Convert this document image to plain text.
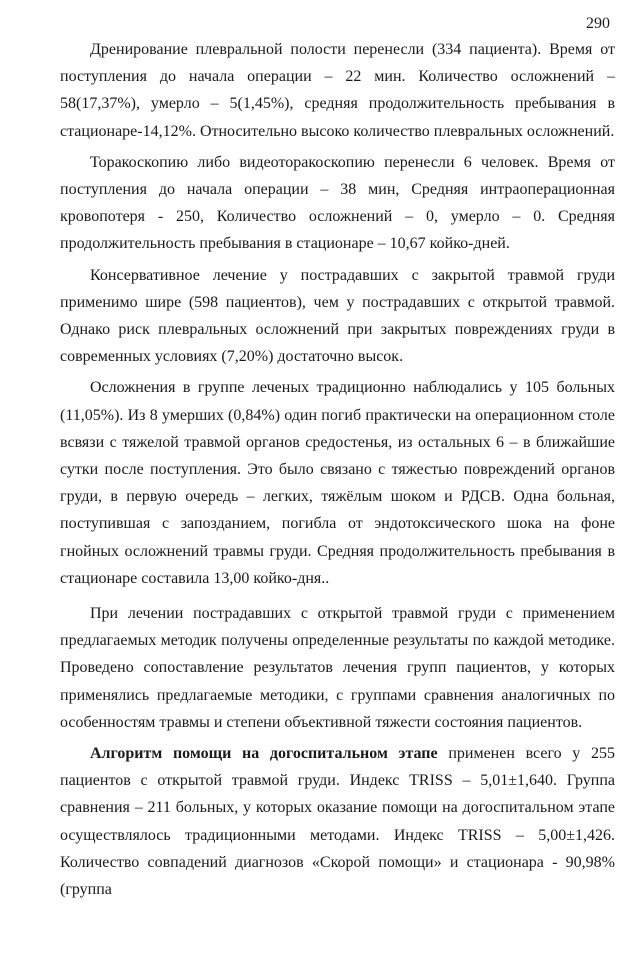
290

Дренирование плевральной полости перенесли (334 пациента). Время от поступления до начала операции – 22 мин. Количество осложнений – 58(17,37%), умерло – 5(1,45%), средняя продолжительность пребывания в стационаре-14,12%. Относительно высоко количество плевральных осложнений.

Торакоскопию либо видеоторакоскопию перенесли 6 человек. Время от поступления до начала операции – 38 мин, Средняя интраоперационная кровопотеря - 250, Количество осложнений – 0, умерло – 0. Средняя продолжительность пребывания в стационаре – 10,67 койко-дней.

Консервативное лечение у пострадавших с закрытой травмой груди применимо шире (598 пациентов), чем у пострадавших с открытой травмой. Однако риск плевральных осложнений при закрытых повреждениях груди в современных условиях (7,20%) достаточно высок.

Осложнения в группе леченых традиционно наблюдались у 105 больных (11,05%). Из 8 умерших (0,84%) один погиб практически на операционном столе всвязи с тяжелой травмой органов средостенья, из остальных 6 – в ближайшие сутки после поступления. Это было связано с тяжестью повреждений органов груди, в первую очередь – легких, тяжёлым шоком и РДСВ. Одна больная, поступившая с запозданием, погибла от эндотоксического шока на фоне гнойных осложнений травмы груди. Средняя продолжительность пребывания в стационаре составила 13,00 койко-дня..

При лечении пострадавших с открытой травмой груди с применением предлагаемых методик получены определенные результаты по каждой методике. Проведено сопоставление результатов лечения групп пациентов, у которых применялись предлагаемые методики, с группами сравнения аналогичных по особенностям травмы и степени объективной тяжести состояния пациентов.

Алгоритм помощи на догоспитальном этапе применен всего у 255 пациентов с открытой травмой груди. Индекс TRISS – 5,01±1,640. Группа сравнения – 211 больных, у которых оказание помощи на догоспитальном этапе осуществлялось традиционными методами. Индекс TRISS – 5,00±1,426. Количество совпадений диагнозов «Скорой помощи» и стационара - 90,98%(группа
